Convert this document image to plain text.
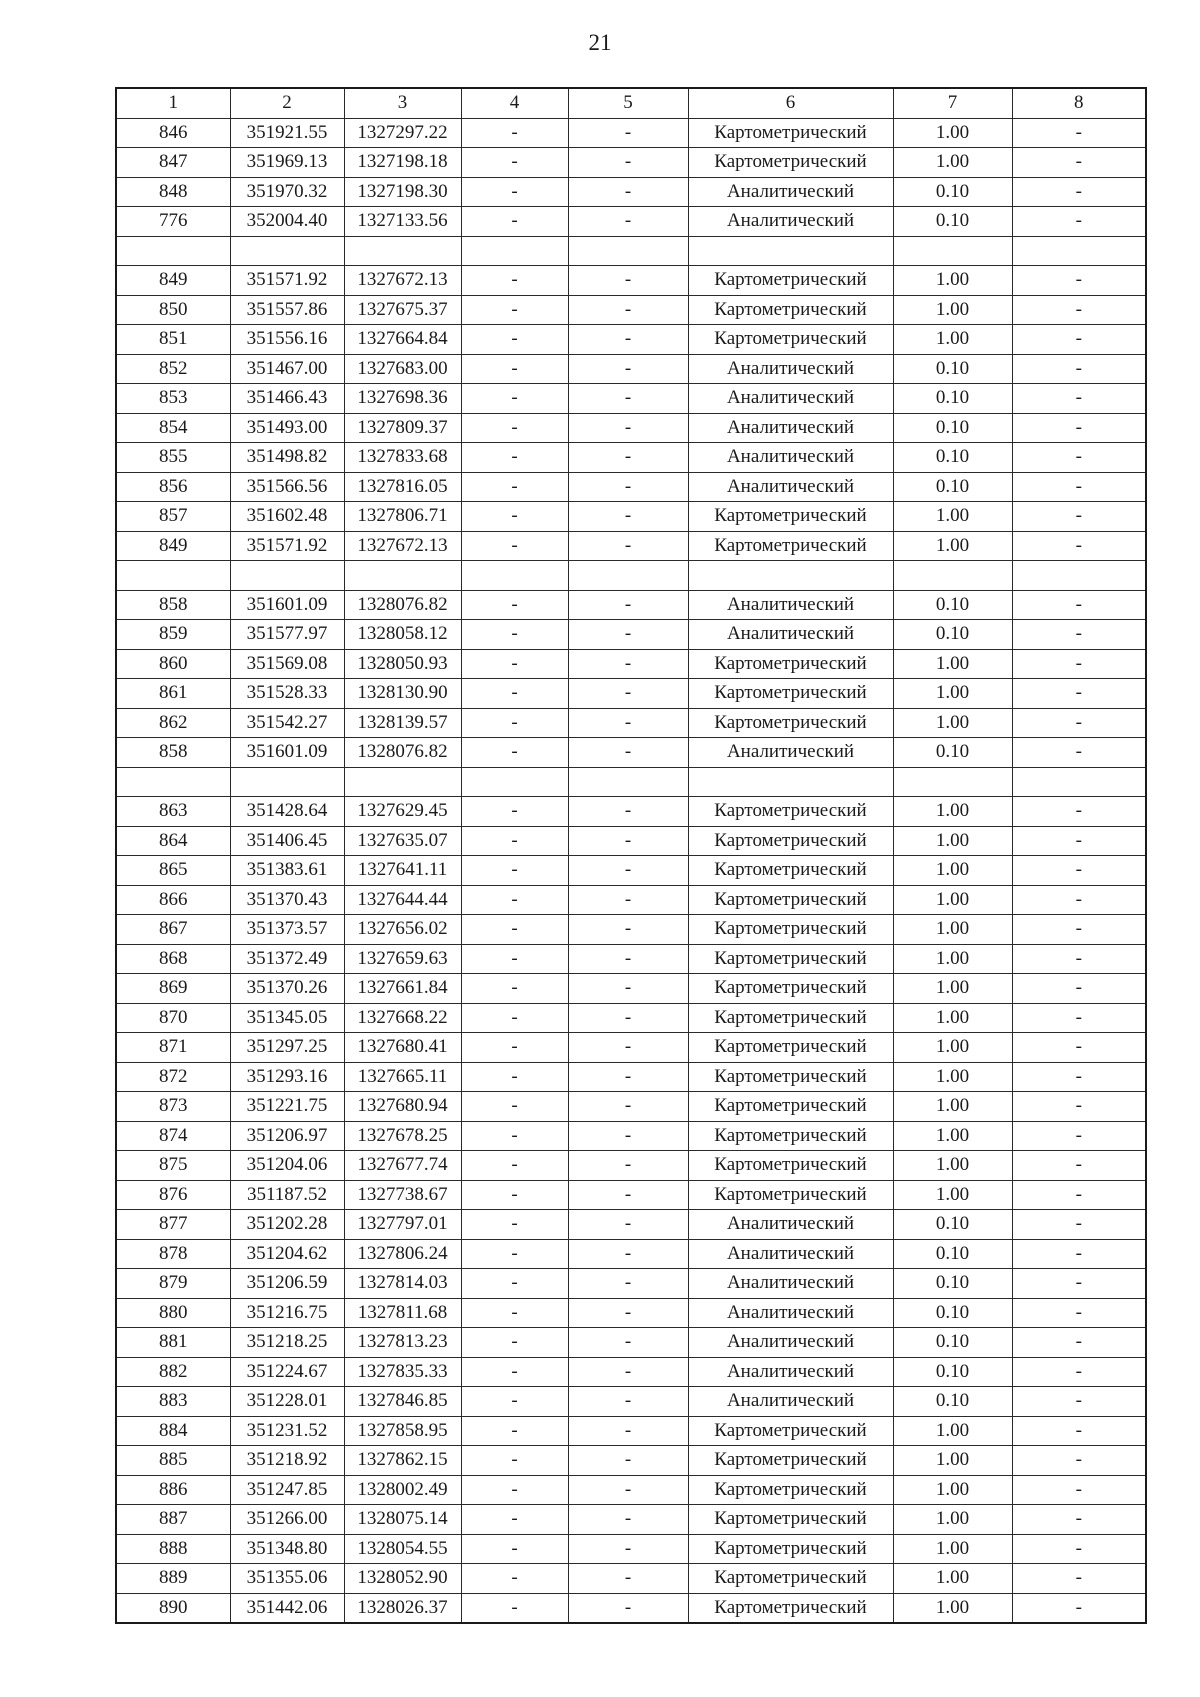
21
1	2	3	4	5	6	7	8
846	351921.55	1327297.22	-	-	Картометрический	1.00	-
847	351969.13	1327198.18	-	-	Картометрический	1.00	-
848	351970.32	1327198.30	-	-	Аналитический	0.10	-
776	352004.40	1327133.56	-	-	Аналитический	0.10	-

849	351571.92	1327672.13	-	-	Картометрический	1.00	-
850	351557.86	1327675.37	-	-	Картометрический	1.00	-
851	351556.16	1327664.84	-	-	Картометрический	1.00	-
852	351467.00	1327683.00	-	-	Аналитический	0.10	-
853	351466.43	1327698.36	-	-	Аналитический	0.10	-
854	351493.00	1327809.37	-	-	Аналитический	0.10	-
855	351498.82	1327833.68	-	-	Аналитический	0.10	-
856	351566.56	1327816.05	-	-	Аналитический	0.10	-
857	351602.48	1327806.71	-	-	Картометрический	1.00	-
849	351571.92	1327672.13	-	-	Картометрический	1.00	-

858	351601.09	1328076.82	-	-	Аналитический	0.10	-
859	351577.97	1328058.12	-	-	Аналитический	0.10	-
860	351569.08	1328050.93	-	-	Картометрический	1.00	-
861	351528.33	1328130.90	-	-	Картометрический	1.00	-
862	351542.27	1328139.57	-	-	Картометрический	1.00	-
858	351601.09	1328076.82	-	-	Аналитический	0.10	-

863	351428.64	1327629.45	-	-	Картометрический	1.00	-
864	351406.45	1327635.07	-	-	Картометрический	1.00	-
865	351383.61	1327641.11	-	-	Картометрический	1.00	-
866	351370.43	1327644.44	-	-	Картометрический	1.00	-
867	351373.57	1327656.02	-	-	Картометрический	1.00	-
868	351372.49	1327659.63	-	-	Картометрический	1.00	-
869	351370.26	1327661.84	-	-	Картометрический	1.00	-
870	351345.05	1327668.22	-	-	Картометрический	1.00	-
871	351297.25	1327680.41	-	-	Картометрический	1.00	-
872	351293.16	1327665.11	-	-	Картометрический	1.00	-
873	351221.75	1327680.94	-	-	Картометрический	1.00	-
874	351206.97	1327678.25	-	-	Картометрический	1.00	-
875	351204.06	1327677.74	-	-	Картометрический	1.00	-
876	351187.52	1327738.67	-	-	Картометрический	1.00	-
877	351202.28	1327797.01	-	-	Аналитический	0.10	-
878	351204.62	1327806.24	-	-	Аналитический	0.10	-
879	351206.59	1327814.03	-	-	Аналитический	0.10	-
880	351216.75	1327811.68	-	-	Аналитический	0.10	-
881	351218.25	1327813.23	-	-	Аналитический	0.10	-
882	351224.67	1327835.33	-	-	Аналитический	0.10	-
883	351228.01	1327846.85	-	-	Аналитический	0.10	-
884	351231.52	1327858.95	-	-	Картометрический	1.00	-
885	351218.92	1327862.15	-	-	Картометрический	1.00	-
886	351247.85	1328002.49	-	-	Картометрический	1.00	-
887	351266.00	1328075.14	-	-	Картометрический	1.00	-
888	351348.80	1328054.55	-	-	Картометрический	1.00	-
889	351355.06	1328052.90	-	-	Картометрический	1.00	-
890	351442.06	1328026.37	-	-	Картометрический	1.00	-
